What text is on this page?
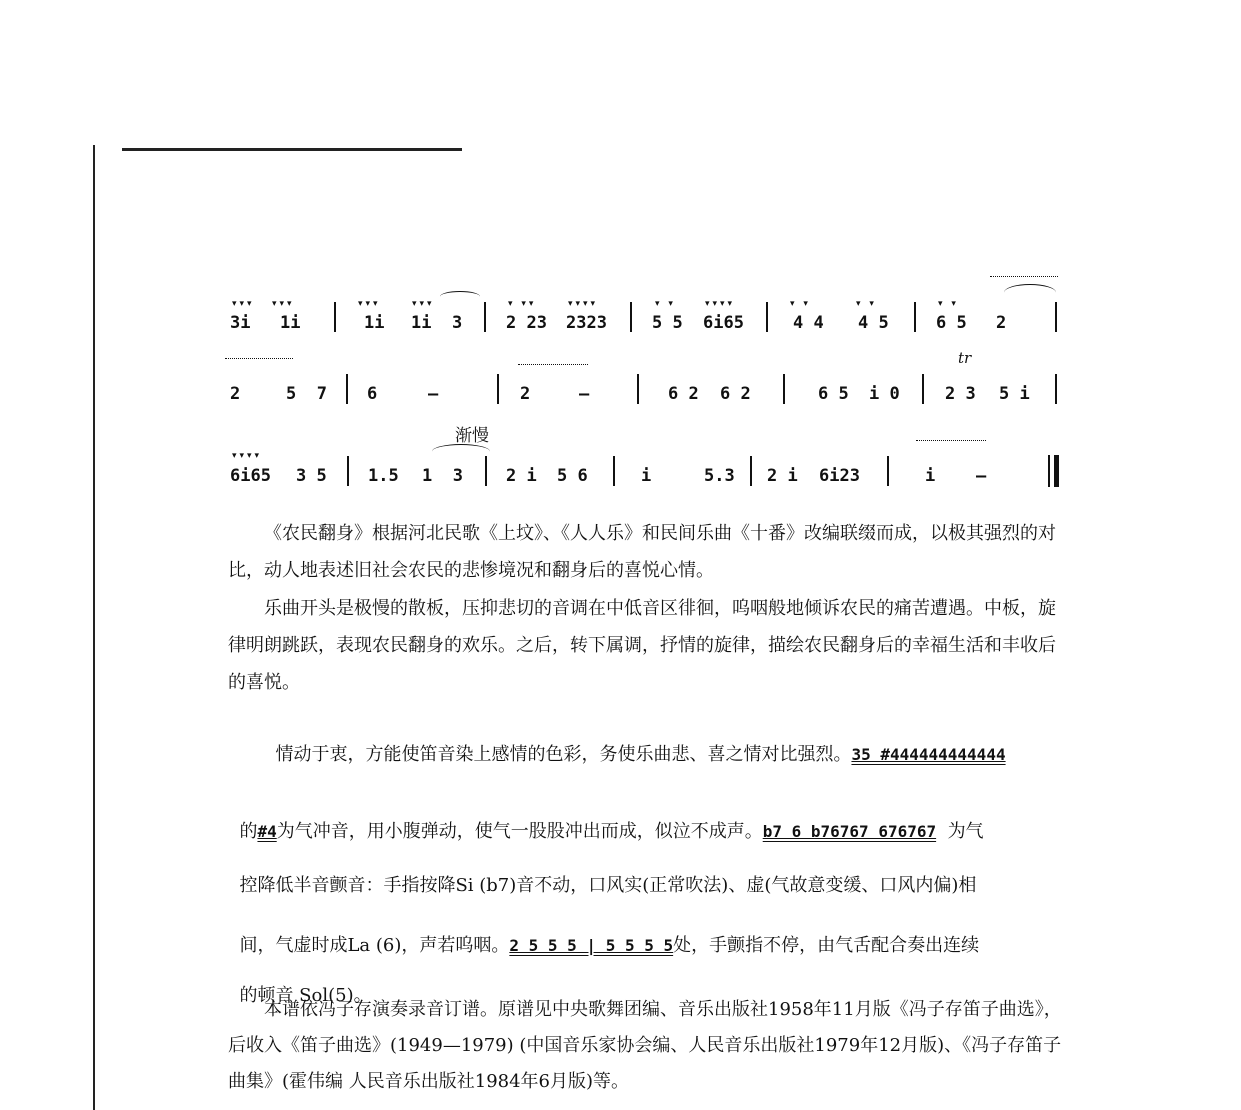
▾▾▾ ▾▾▾
3i 1i
▾▾▾	▾▾▾
1i 1i 3
▾ ▾▾	▾▾▾▾
2 23 2323
▾ ▾	▾▾▾▾
5 5 6i65
▾ ▾	▾ ▾
4 4 4 5
▾ ▾
6 5 2
2	5  7 6	–	2	–	6 2 6 2	6 5 i 0
tr
2 3 5 i
渐慢
▾▾▾▾
6i65 3 5 1.5 1  3	2 i 5 6	i	5.3 2 i 6i23	i –

《农民翻身》根据河北民歌《上坟》、《人人乐》和民间乐曲《十番》改编联缀而成，以极其强烈的对比，动人地表述旧社会农民的悲惨境况和翻身后的喜悦心情。

乐曲开头是极慢的散板，压抑悲切的音调在中低音区徘徊，呜咽般地倾诉农民的痛苦遭遇。中板，旋律明朗跳跃，表现农民翻身的欢乐。之后，转下属调，抒情的旋律，描绘农民翻身后的幸福生活和丰收后的喜悦。

情动于衷，方能使笛音染上感情的色彩，务使乐曲悲、喜之情对比强烈。35 #444444444444

的#4为气冲音，用小腹弹动，使气一股股冲出而成，似泣不成声。b7 6 b76767 676767 为气

控降低半音颤音：手指按降Si (b7)音不动，口风实(正常吹法)、虚(气故意变缓、口风内偏)相

间，气虚时成La (6)，声若呜咽。2 5 5 5 | 5 5 5 5处，手颤指不停，由气舌配合奏出连续

的顿音 Sol(5)。

本谱依冯子存演奏录音订谱。原谱见中央歌舞团编、音乐出版社1958年11月版《冯子存笛子曲选》，后收入《笛子曲选》(1949—1979) (中国音乐家协会编、人民音乐出版社1979年12月版)、《冯子存笛子曲集》(霍伟编 人民音乐出版社1984年6月版)等。
